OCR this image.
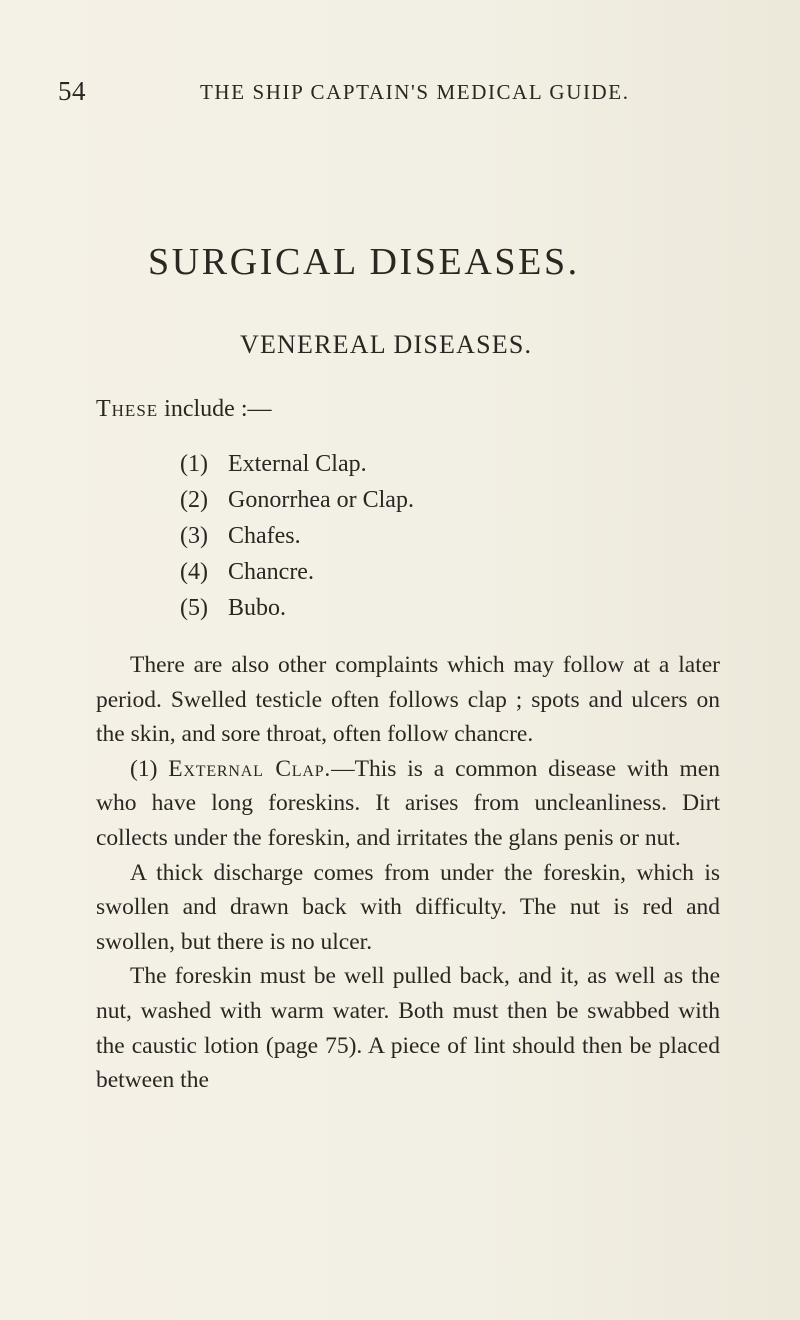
54	THE SHIP CAPTAIN'S MEDICAL GUIDE.
SURGICAL DISEASES.
VENEREAL DISEASES.
These include :—
(1) External Clap.
(2) Gonorrhea or Clap.
(3) Chafes.
(4) Chancre.
(5) Bubo.

There are also other complaints which may follow at a later period. Swelled testicle often follows clap ; spots and ulcers on the skin, and sore throat, often follow chancre.

(1) External Clap.—This is a common disease with men who have long foreskins. It arises from uncleanliness. Dirt collects under the foreskin, and irritates the glans penis or nut.

A thick discharge comes from under the foreskin, which is swollen and drawn back with difficulty. The nut is red and swollen, but there is no ulcer.

The foreskin must be well pulled back, and it, as well as the nut, washed with warm water. Both must then be swabbed with the caustic lotion (page 75). A piece of lint should then be placed between the
